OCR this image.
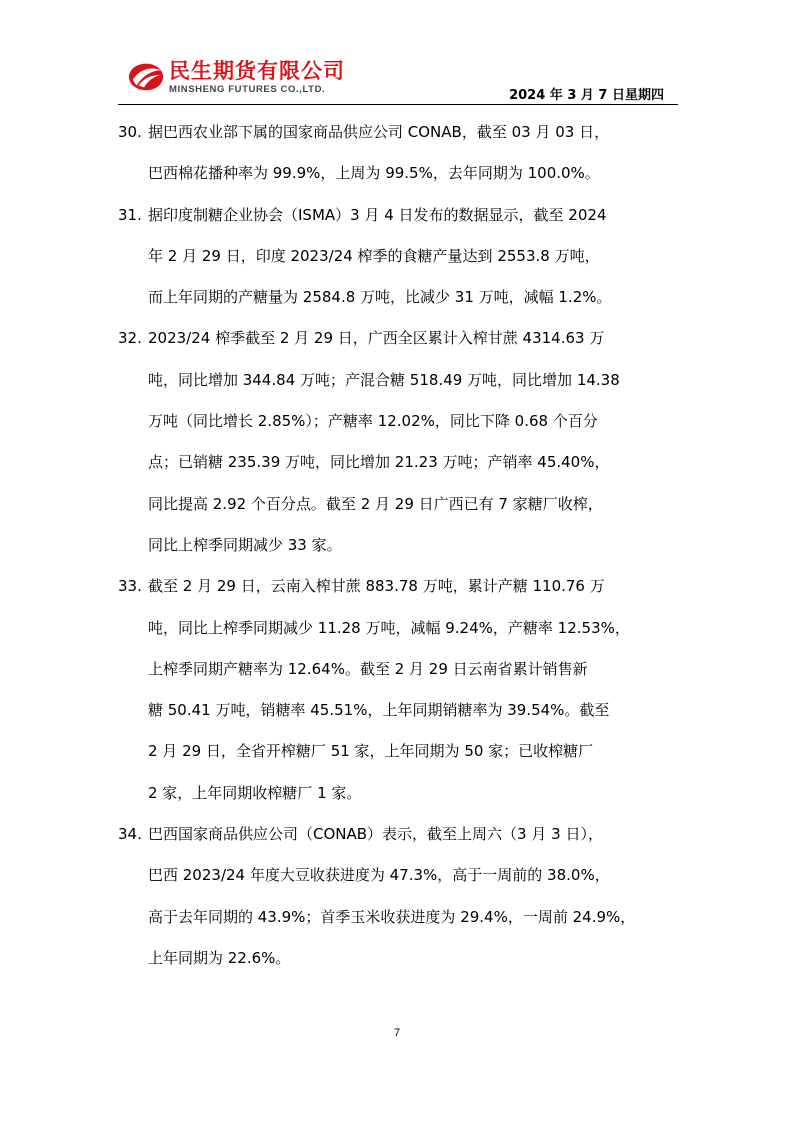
民生期货有限公司
MINSHENG FUTURES CO.,LTD.	2024 年 3 月 7 日星期四
30. 据巴西农业部下属的国家商品供应公司 CONAB，截至 03 月 03 日，
巴西棉花播种率为 99.9%，上周为 99.5%，去年同期为 100.0%。
31. 据印度制糖企业协会（ISMA）3 月 4 日发布的数据显示，截至 2024
年 2 月 29 日，印度 2023/24 榨季的食糖产量达到 2553.8 万吨，
而上年同期的产糖量为 2584.8 万吨，比减少 31 万吨，减幅 1.2%。
32. 2023/24 榨季截至 2 月 29 日，广西全区累计入榨甘蔗 4314.63 万
吨，同比增加 344.84 万吨；产混合糖 518.49 万吨，同比增加 14.38
万吨（同比增长 2.85%）；产糖率 12.02%，同比下降 0.68 个百分
点；已销糖 235.39 万吨，同比增加 21.23 万吨；产销率 45.40%，
同比提高 2.92 个百分点。截至 2 月 29 日广西已有 7 家糖厂收榨，
同比上榨季同期减少 33 家。
33. 截至 2 月 29 日，云南入榨甘蔗 883.78 万吨，累计产糖 110.76 万
吨，同比上榨季同期减少 11.28 万吨，减幅 9.24%，产糖率 12.53%，
上榨季同期产糖率为 12.64%。截至 2 月 29 日云南省累计销售新
糖 50.41 万吨，销糖率 45.51%，上年同期销糖率为 39.54%。截至
2 月 29 日，全省开榨糖厂 51 家，上年同期为 50 家；已收榨糖厂
2 家，上年同期收榨糖厂 1 家。
34. 巴西国家商品供应公司（CONAB）表示，截至上周六（3 月 3 日），
巴西 2023/24 年度大豆收获进度为 47.3%，高于一周前的 38.0%，
高于去年同期的 43.9%；首季玉米收获进度为 29.4%，一周前 24.9%，
上年同期为 22.6%。
7
